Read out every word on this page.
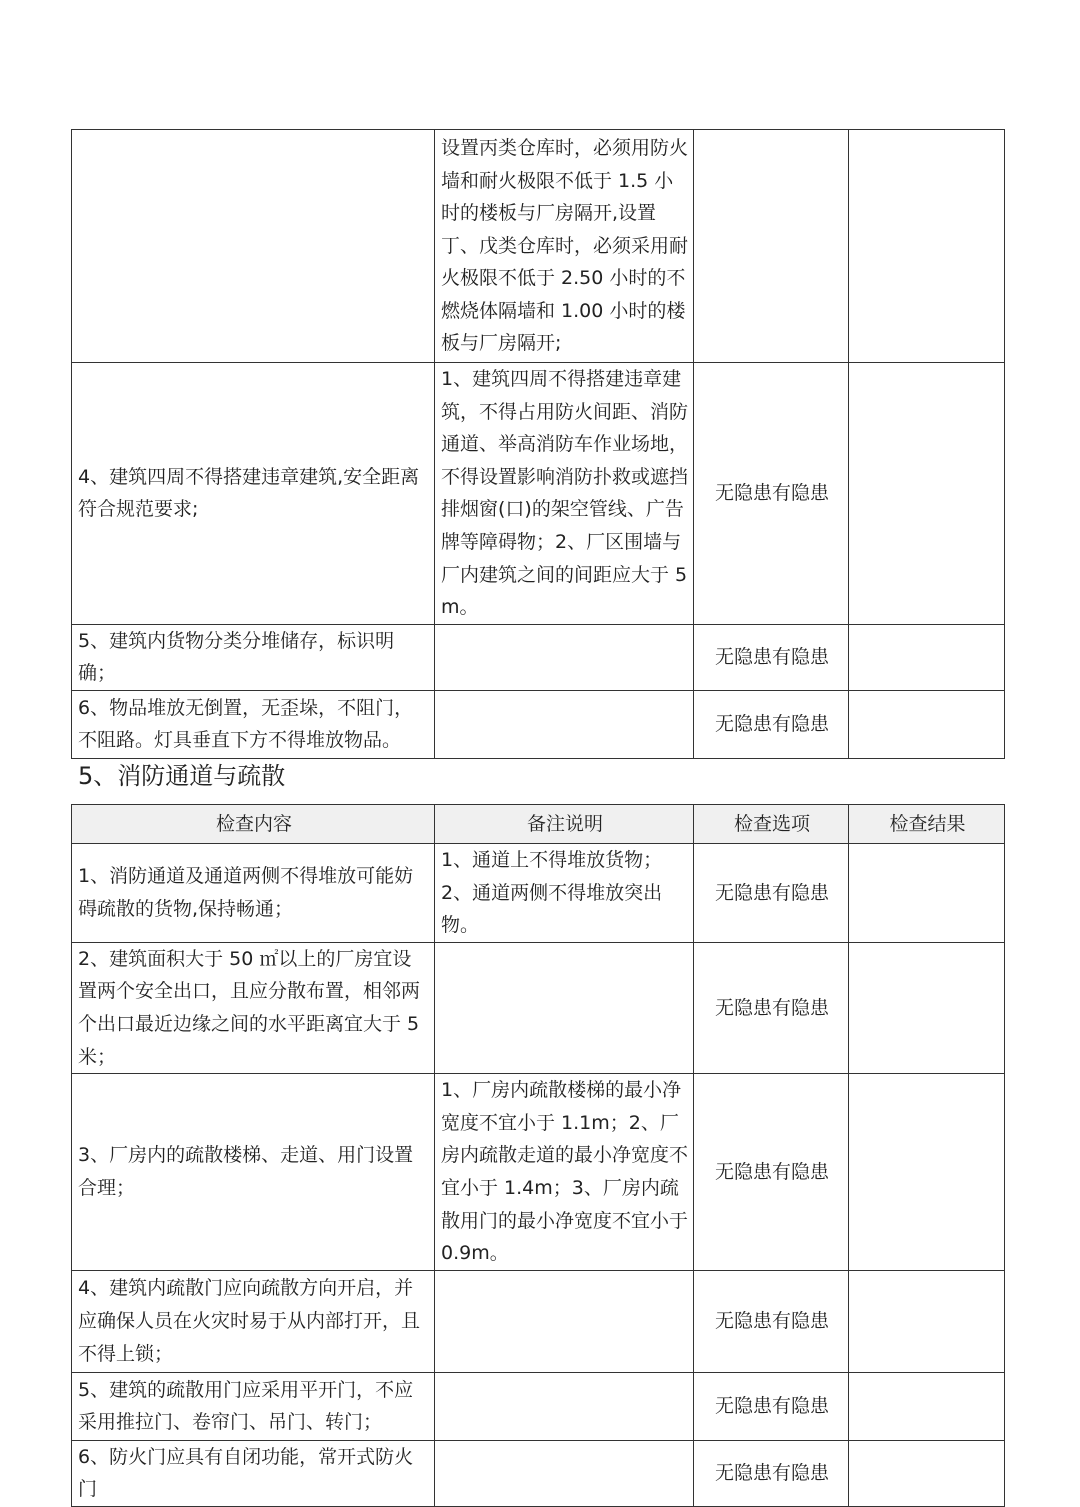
	设置丙类仓库时，必须用防火墙和耐火极限不低于 1.5 小时的楼板与厂房隔开,设置丁、戊类仓库时，必须采用耐火极限不低于 2.50 小时的不燃烧体隔墙和 1.00 小时的楼板与厂房隔开;		
4、建筑四周不得搭建违章建筑,安全距离符合规范要求;	1、建筑四周不得搭建违章建筑，不得占用防火间距、消防通道、举高消防车作业场地，不得设置影响消防扑救或遮挡排烟窗(口)的架空管线、广告牌等障碍物；2、厂区围墙与厂内建筑之间的间距应大于 5m。	无隐患有隐患	
5、建筑内货物分类分堆储存，标识明确；		无隐患有隐患	
6、物品堆放无倒置，无歪垛，不阻门，不阻路。灯具垂直下方不得堆放物品。		无隐患有隐患	
5、消防通道与疏散
检查内容	备注说明	检查选项	检查结果
1、消防通道及通道两侧不得堆放可能妨碍疏散的货物,保持畅通；	1、通道上不得堆放货物；2、通道两侧不得堆放突出物。	无隐患有隐患	
2、建筑面积大于 50 ㎡以上的厂房宜设置两个安全出口，且应分散布置，相邻两个出口最近边缘之间的水平距离宜大于 5 米；		无隐患有隐患	
3、厂房内的疏散楼梯、走道、用门设置合理；	1、厂房内疏散楼梯的最小净宽度不宜小于 1.1m；2、厂房内疏散走道的最小净宽度不宜小于 1.4m；3、厂房内疏散用门的最小净宽度不宜小于 0.9m。	无隐患有隐患	
4、建筑内疏散门应向疏散方向开启，并应确保人员在火灾时易于从内部打开，且不得上锁；		无隐患有隐患	
5、建筑的疏散用门应采用平开门，不应采用推拉门、卷帘门、吊门、转门；		无隐患有隐患	
6、防火门应具有自闭功能，常开式防火门		无隐患有隐患	
